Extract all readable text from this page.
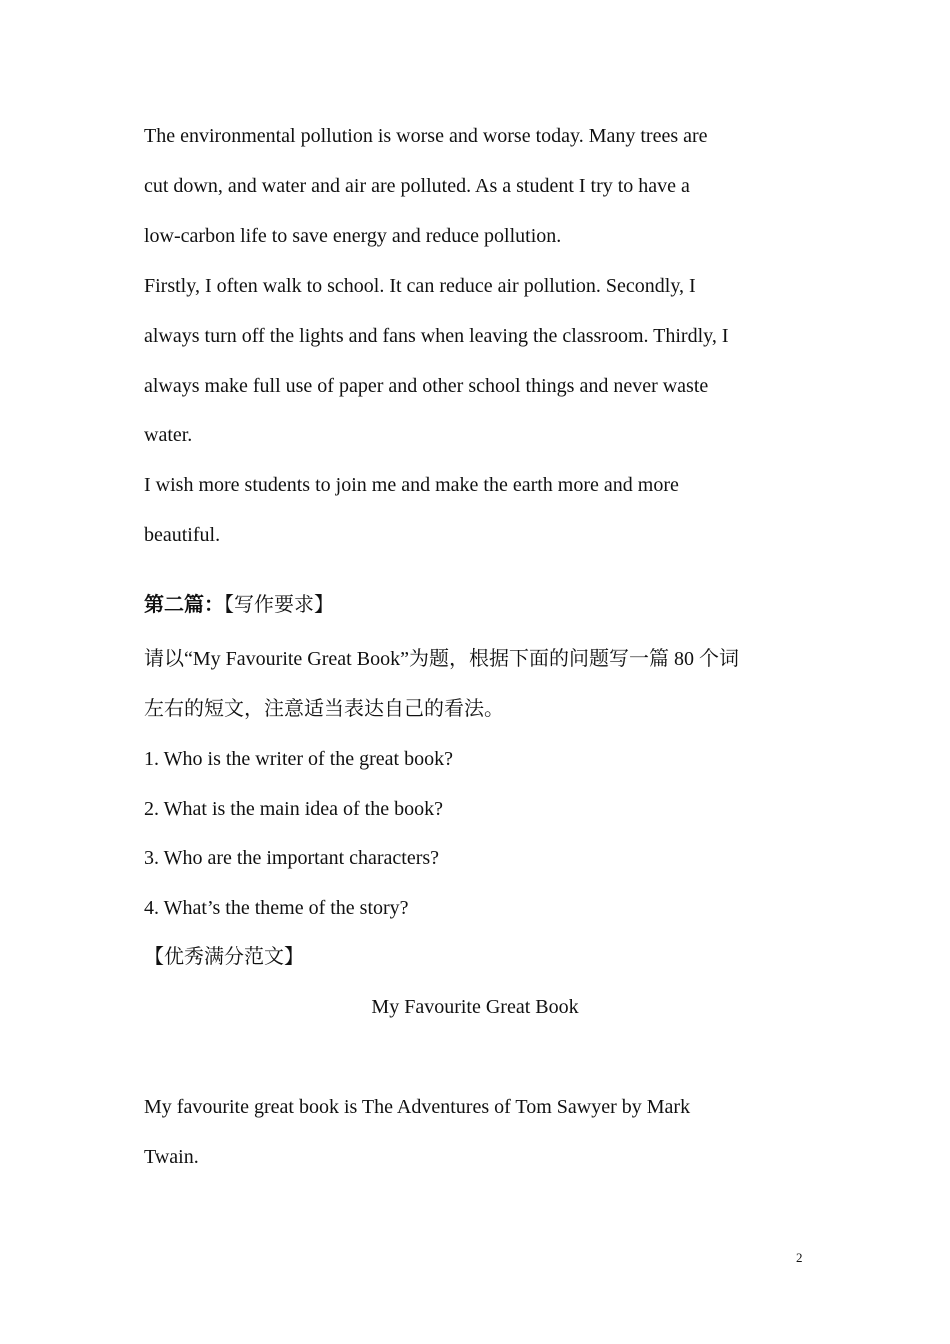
The environmental pollution is worse and worse today. Many trees are
cut down, and water and air are polluted. As a student I try to have a
low-carbon life to save energy and reduce pollution.
Firstly, I often walk to school. It can reduce air pollution. Secondly, I
always turn off the lights and fans when leaving the classroom. Thirdly, I
always make full use of paper and other school things and never waste
water.
I wish more students to join me and make the earth more and more
beautiful.
第二篇：【写作要求】
请以“My Favourite Great Book”为题，根据下面的问题写一篇 80 个词
左右的短文，注意适当表达自己的看法。
1. Who is the writer of the great book?
2. What is the main idea of the book?
3. Who are the important characters?
4. What’s the theme of the story?
【优秀满分范文】
My Favourite Great Book
My favourite great book is The Adventures of Tom Sawyer by Mark
Twain.
2
